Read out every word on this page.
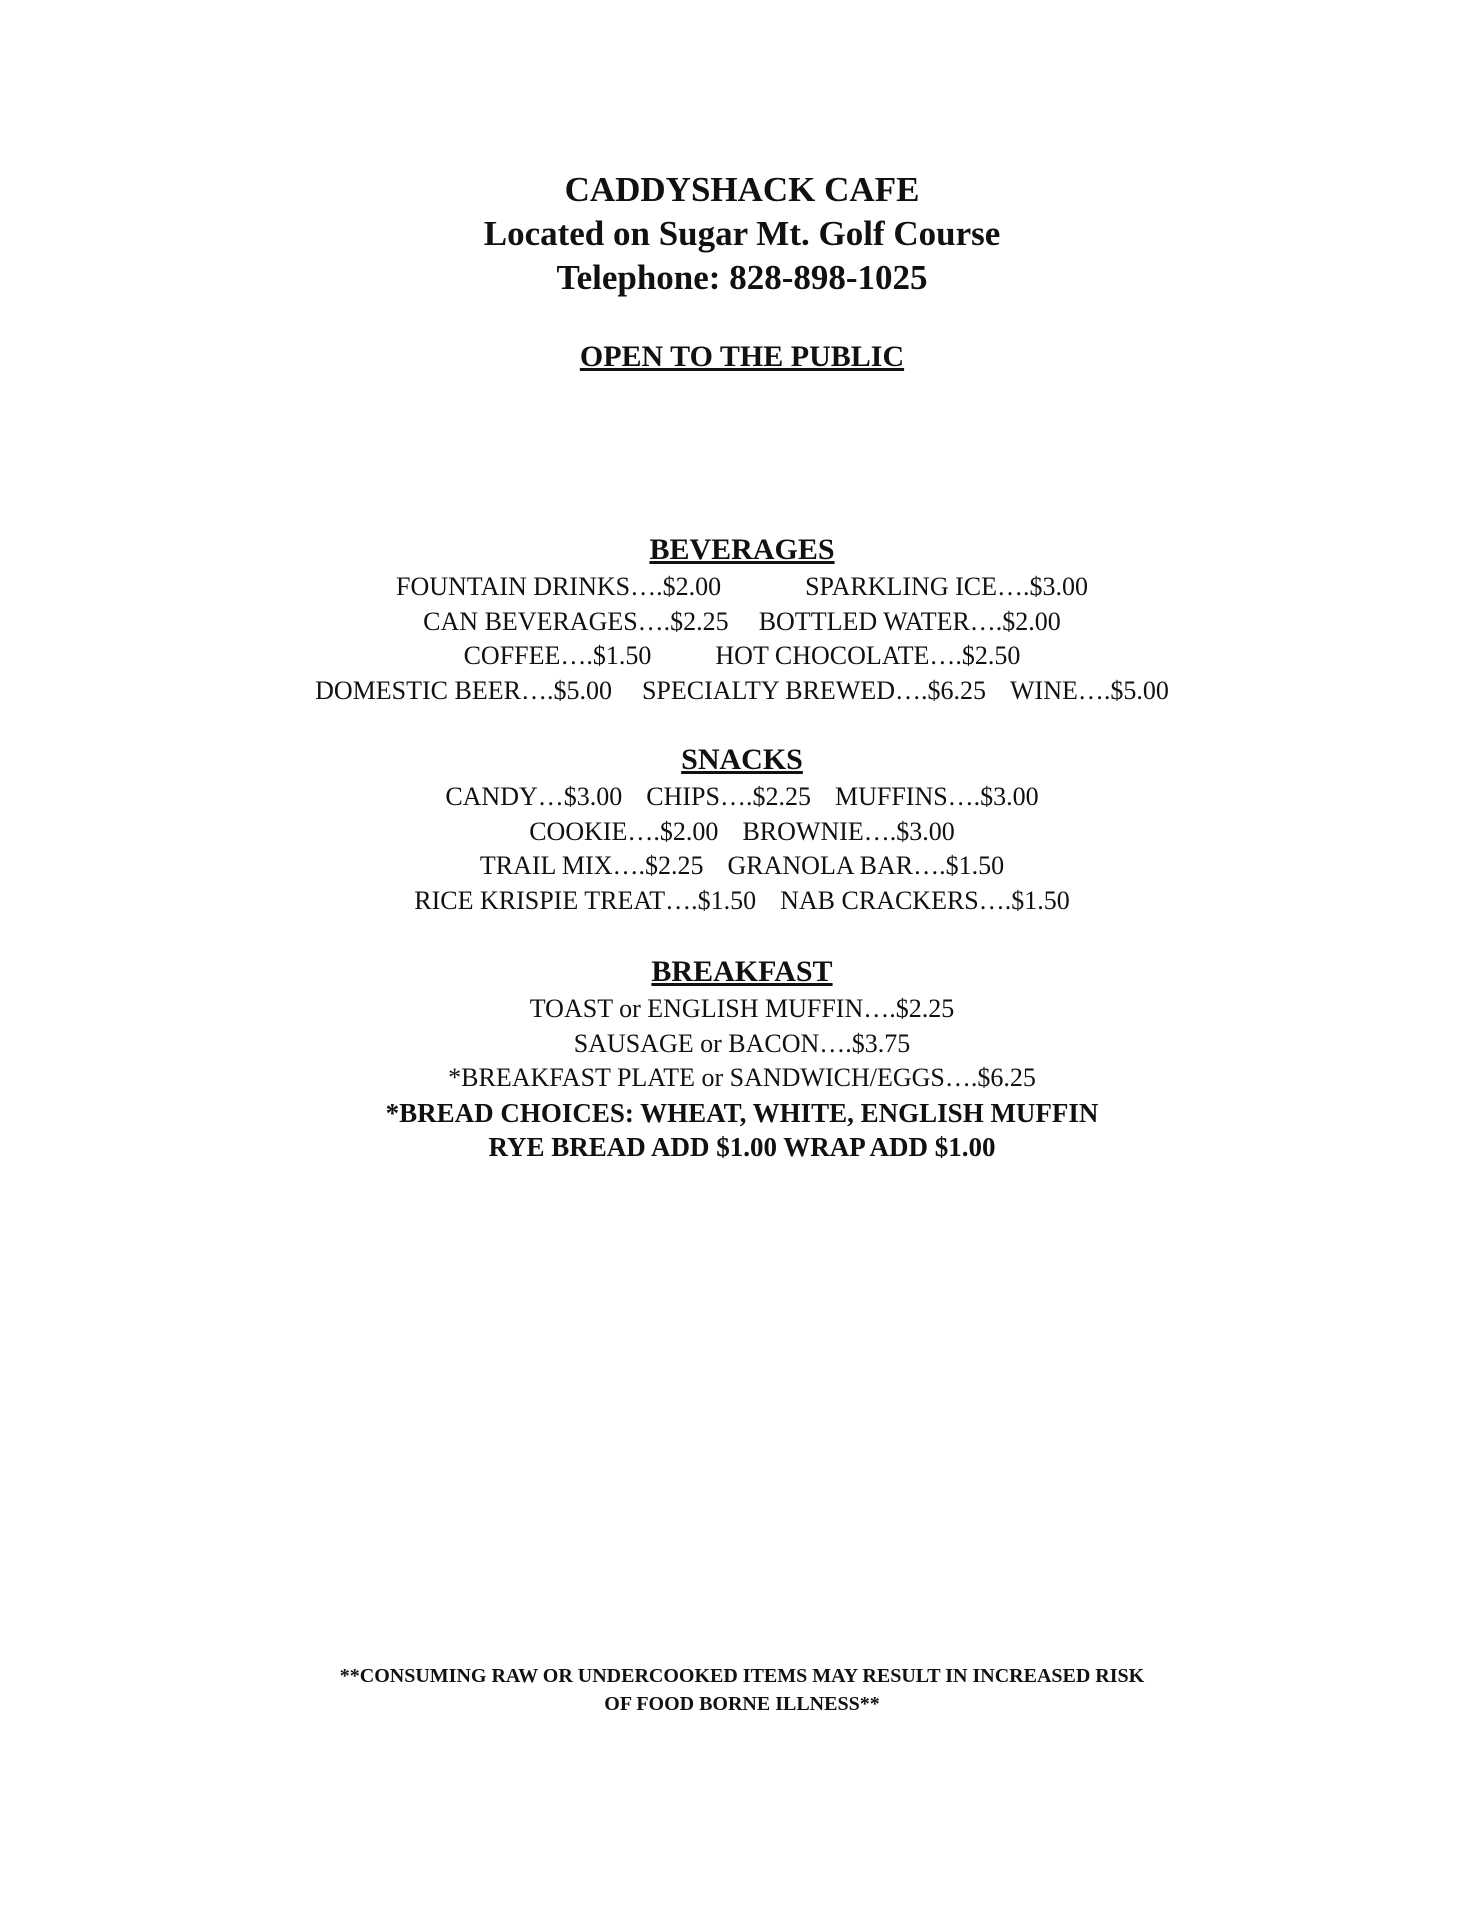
CADDYSHACK CAFE
Located on Sugar Mt. Golf Course
Telephone: 828-898-1025
OPEN TO THE PUBLIC
BEVERAGES
FOUNTAIN DRINKS….$2.00	SPARKLING ICE….$3.00
CAN BEVERAGES….$2.25 BOTTLED WATER….$2.00
COFFEE….$1.50 HOT CHOCOLATE….$2.50
DOMESTIC BEER….$5.00 SPECIALTY BREWED….$6.25 WINE….$5.00
SNACKS
CANDY…$3.00 CHIPS….$2.25 MUFFINS….$3.00
COOKIE….$2.00 BROWNIE….$3.00
TRAIL MIX….$2.25 GRANOLA BAR….$1.50
RICE KRISPIE TREAT….$1.50 NAB CRACKERS….$1.50
BREAKFAST
TOAST or ENGLISH MUFFIN….$2.25
SAUSAGE or BACON….$3.75
*BREAKFAST PLATE or SANDWICH/EGGS….$6.25
*BREAD CHOICES: WHEAT, WHITE, ENGLISH MUFFIN
RYE BREAD ADD $1.00 WRAP ADD $1.00
**CONSUMING RAW OR UNDERCOOKED ITEMS MAY RESULT IN INCREASED RISK
OF FOOD BORNE ILLNESS**
